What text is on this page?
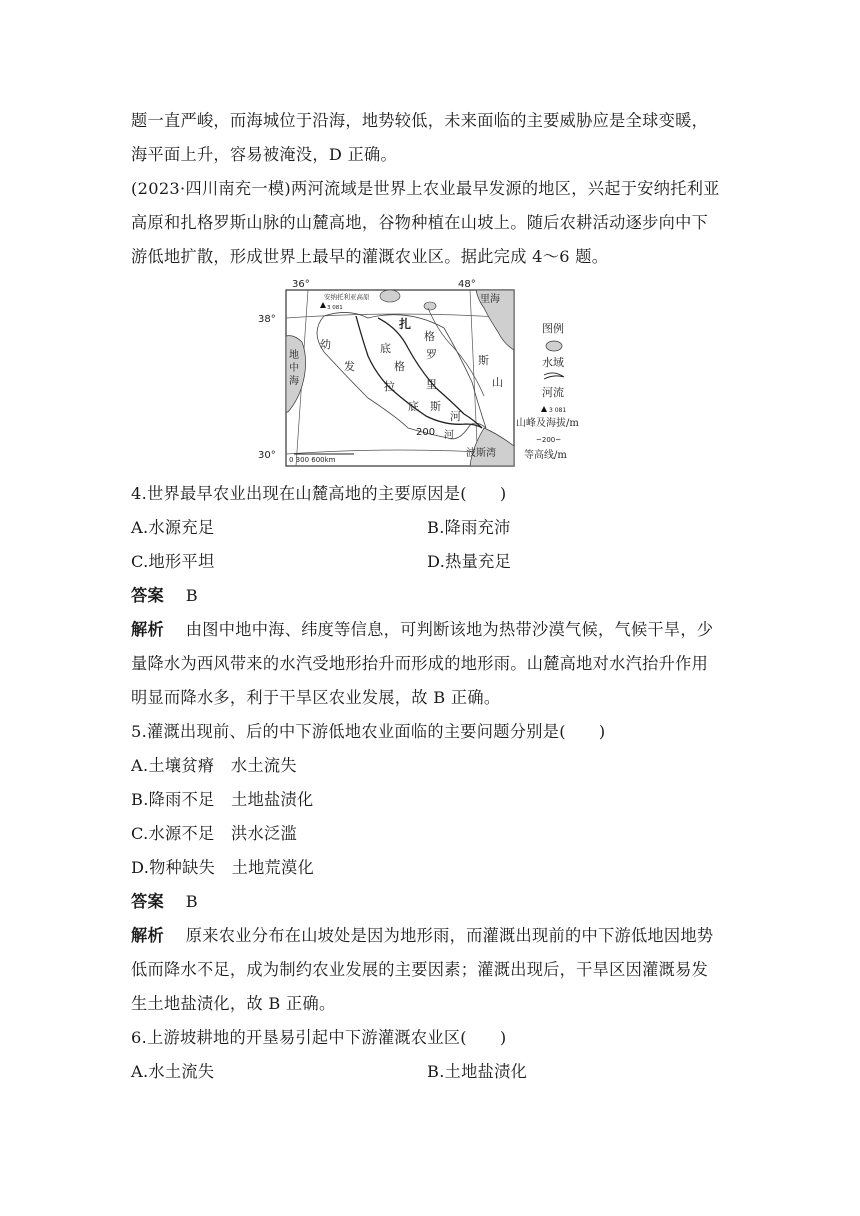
题一直严峻，而海城位于沿海，地势较低，未来面临的主要威胁应是全球变暖，
海平面上升，容易被淹没，D 正确。
(2023·四川南充一模)两河流域是世界上农业最早发源的地区，兴起于安纳托利亚
高原和扎格罗斯山脉的山麓高地，谷物种植在山坡上。随后农耕活动逐步向中下
游低地扩散，形成世界上最早的灌溉农业区。据此完成 4～6 题。
36°	48°
38°
30°
安纳托利亚高原
3 081
里海
地
中
海
扎
格
罗	斯
山
幼
发
拉
底
底
格
里
斯
河
200 河
波斯湾
0 300 600km
图例
水域
河流
3 081
山峰及海拔/m
~200~
等高线/m
4.世界最早农业出现在山麓高地的主要原因是(　　)
A.水源充足	B.降雨充沛
C.地形平坦	D.热量充足
答案 B
解析 由图中地中海、纬度等信息，可判断该地为热带沙漠气候，气候干旱，少
量降水为西风带来的水汽受地形抬升而形成的地形雨。山麓高地对水汽抬升作用
明显而降水多，利于干旱区农业发展，故 B 正确。
5.灌溉出现前、后的中下游低地农业面临的主要问题分别是(　　)
A.土壤贫瘠　水土流失
B.降雨不足　土地盐渍化
C.水源不足　洪水泛滥
D.物种缺失　土地荒漠化
答案 B
解析 原来农业分布在山坡处是因为地形雨，而灌溉出现前的中下游低地因地势
低而降水不足，成为制约农业发展的主要因素；灌溉出现后，干旱区因灌溉易发
生土地盐渍化，故 B 正确。
6.上游坡耕地的开垦易引起中下游灌溉农业区(　　)
A.水土流失	B.土地盐渍化
